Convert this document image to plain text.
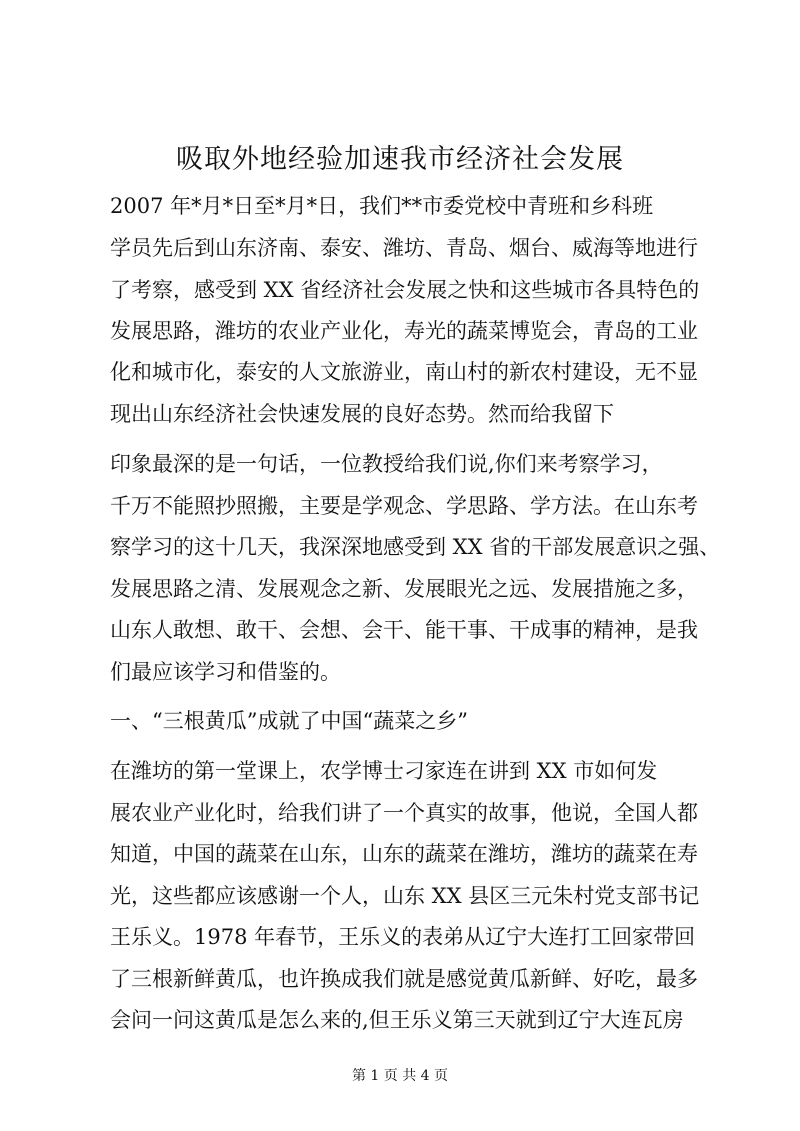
吸取外地经验加速我市经济社会发展

2007 年*月*日至*月*日，我们**市委党校中青班和乡科班

学员先后到山东济南、泰安、潍坊、青岛、烟台、威海等地进行

了考察，感受到 XX 省经济社会发展之快和这些城市各具特色的

发展思路，潍坊的农业产业化，寿光的蔬菜博览会，青岛的工业

化和城市化，泰安的人文旅游业，南山村的新农村建设，无不显

现出山东经济社会快速发展的良好态势。然而给我留下

印象最深的是一句话，一位教授给我们说,你们来考察学习，

千万不能照抄照搬，主要是学观念、学思路、学方法。在山东考

察学习的这十几天，我深深地感受到 XX 省的干部发展意识之强、

发展思路之清、发展观念之新、发展眼光之远、发展措施之多，

山东人敢想、敢干、会想、会干、能干事、干成事的精神，是我

们最应该学习和借鉴的。

一、“三根黄瓜”成就了中国“蔬菜之乡”

在潍坊的第一堂课上，农学博士刁家连在讲到 XX 市如何发

展农业产业化时，给我们讲了一个真实的故事，他说，全国人都

知道，中国的蔬菜在山东，山东的蔬菜在潍坊，潍坊的蔬菜在寿

光，这些都应该感谢一个人，山东 XX 县区三元朱村党支部书记

王乐义。1978 年春节，王乐义的表弟从辽宁大连打工回家带回

了三根新鲜黄瓜，也许换成我们就是感觉黄瓜新鲜、好吃，最多

会问一问这黄瓜是怎么来的,但王乐义第三天就到辽宁大连瓦房

第 1 页 共 4 页
